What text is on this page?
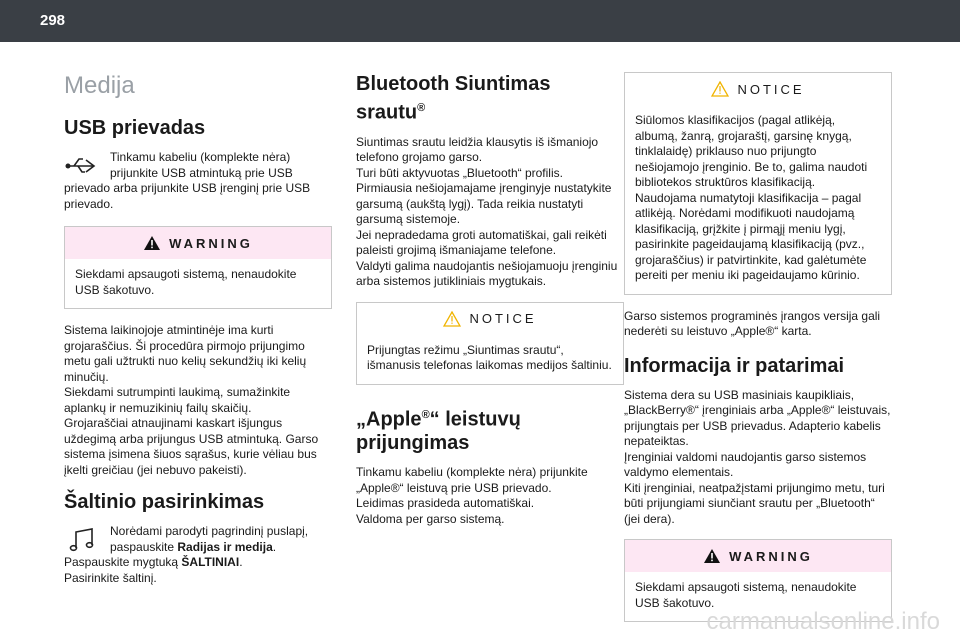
298
Medija
USB prievadas
Tinkamu kabeliu (komplekte nėra)
prijunkite USB atmintuką prie USB
prievado arba prijunkite USB įrenginį prie USB
prievado.
WARNING
Siekdami apsaugoti sistemą, nenaudokite
USB šakotuvo.
Sistema laikinojoje atmintinėje ima kurti
grojaraščius. Ši procedūra pirmojo prijungimo
metu gali užtrukti nuo kelių sekundžių iki kelių
minučių.
Siekdami sutrumpinti laukimą, sumažinkite
aplankų ir nemuzikinių failų skaičių.
Grojaraščiai atnaujinami kaskart išjungus
uždegimą arba prijungus USB atmintuką. Garso
sistema įsimena šiuos sąrašus, kurie vėliau bus
įkelti greičiau (jei nebuvo pakeisti).
Šaltinio pasirinkimas
Norėdami parodyti pagrindinį puslapį,
paspauskite Radijas ir medija.
Paspauskite mygtuką ŠALTINIAI.
Pasirinkite šaltinį.
Bluetooth Siuntimas srautu®
Siuntimas srautu leidžia klausytis iš išmaniojo
telefono grojamo garso.
Turi būti aktyvuotas „Bluetooth“ profilis.
Pirmiausia nešiojamajame įrenginyje nustatykite
garsumą (aukštą lygį). Tada reikia nustatyti
garsumą sistemoje.
Jei nepradedama groti automatiškai, gali reikėti
paleisti grojimą išmaniajame telefone.
Valdyti galima naudojantis nešiojamuoju įrenginiu
arba sistemos jutikliniais mygtukais.
NOTICE
Prijungtas režimu „Siuntimas srautu“,
išmanusis telefonas laikomas medijos šaltiniu.
„Apple®“ leistuvų
prijungimas
Tinkamu kabeliu (komplekte nėra) prijunkite
„Apple®“ leistuvą prie USB prievado.
Leidimas prasideda automatiškai.
Valdoma per garso sistemą.
NOTICE
Siūlomos klasifikacijos (pagal atlikėją,
albumą, žanrą, grojaraštį, garsinę knygą,
tinklalaidę) priklauso nuo prijungto
nešiojamojo įrenginio. Be to, galima naudoti
bibliotekos struktūros klasifikaciją.
Naudojama numatytoji klasifikacija – pagal
atlikėją. Norėdami modifikuoti naudojamą
klasifikaciją, grįžkite į pirmąjį meniu lygį,
pasirinkite pageidaujamą klasifikaciją (pvz.,
grojaraščius) ir patvirtinkite, kad galėtumėte
pereiti per meniu iki pageidaujamo kūrinio.
Garso sistemos programinės įrangos versija gali
nederėti su leistuvo „Apple®“ karta.
Informacija ir patarimai
Sistema dera su USB masiniais kaupikliais,
„BlackBerry®“ įrenginiais arba „Apple®“ leistuvais,
prijungtais per USB prievadus. Adapterio kabelis
nepateiktas.
Įrenginiai valdomi naudojantis garso sistemos
valdymo elementais.
Kiti įrenginiai, neatpažįstami prijungimo metu, turi
būti prijungiami siunčiant srautu per „Bluetooth“
(jei dera).
WARNING
Siekdami apsaugoti sistemą, nenaudokite
USB šakotuvo.
carmanualsonline.info
